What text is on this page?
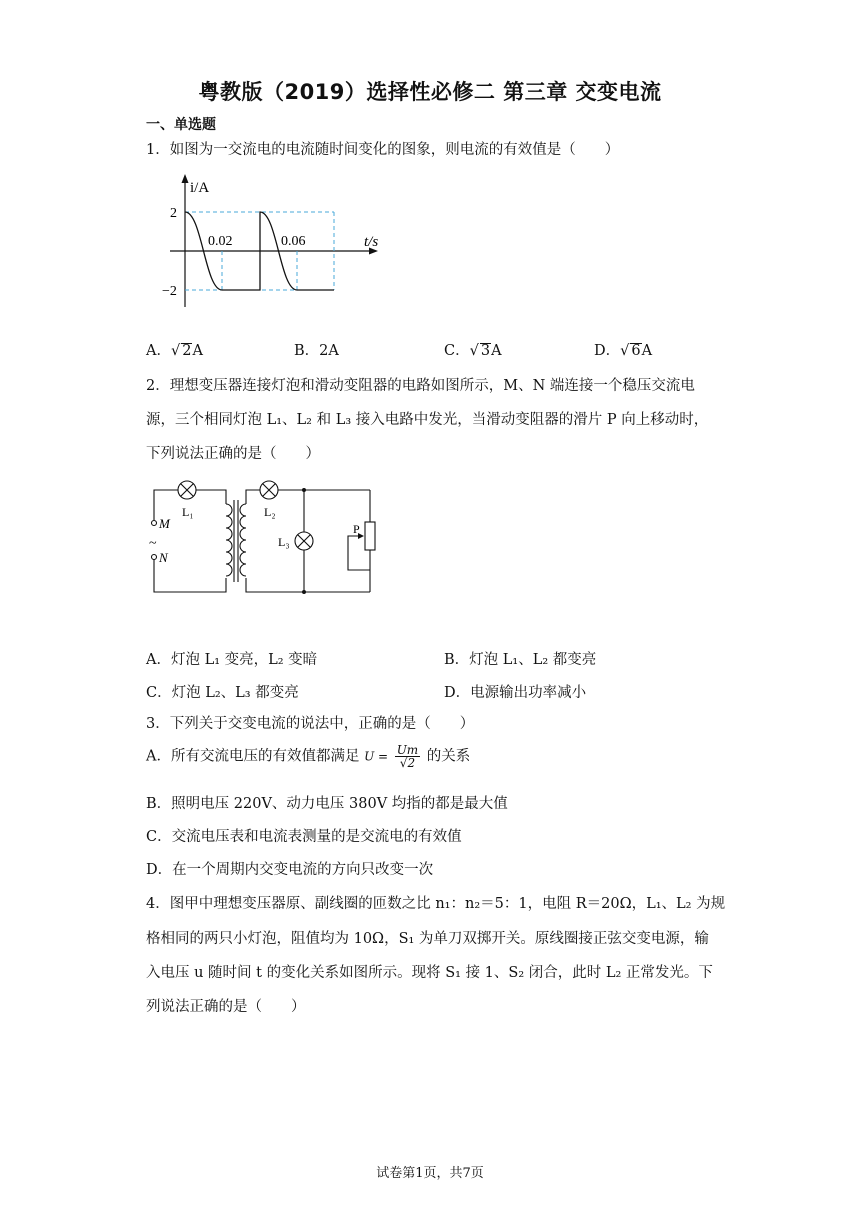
粤教版（2019）选择性必修二 第三章 交变电流
一、单选题
1．如图为一交流电的电流随时间变化的图象，则电流的有效值是（　　）
i/A
2
−2
0.02	0.06	t/s
A．√ 2A	B．2A	C．√ 3A	D．√ 6A
2．理想变压器连接灯泡和滑动变阻器的电路如图所示，M、N 端连接一个稳压交流电
源，三个相同灯泡 L₁、L₂ 和 L₃ 接入电路中发光，当滑动变阻器的滑片 P 向上移动时，
下列说法正确的是（　　）
L₁	L₂
L₃
M
~
N
P
A．灯泡 L₁ 变亮，L₂ 变暗	B．灯泡 L₁、L₂ 都变亮
C．灯泡 L₂、L₃ 都变亮	D．电源输出功率减小
3．下列关于交变电流的说法中，正确的是（　　）
A．所有交流电压的有效值都满足 $U = \frac{Um}{√2}$ 的关系
B．照明电压 220V、动力电压 380V 均指的都是最大值
C．交流电压表和电流表测量的是交流电的有效值
D．在一个周期内交变电流的方向只改变一次
4．图甲中理想变压器原、副线圈的匝数之比 n₁：n₂＝5：1，电阻 R＝20Ω，L₁、L₂ 为规
格相同的两只小灯泡，阻值均为 10Ω，S₁ 为单刀双掷开关。原线圈接正弦交变电源，输
入电压 u 随时间 t 的变化关系如图所示。现将 S₁ 接 1、S₂ 闭合，此时 L₂ 正常发光。下
列说法正确的是（　　）
试卷第1页，共7页
